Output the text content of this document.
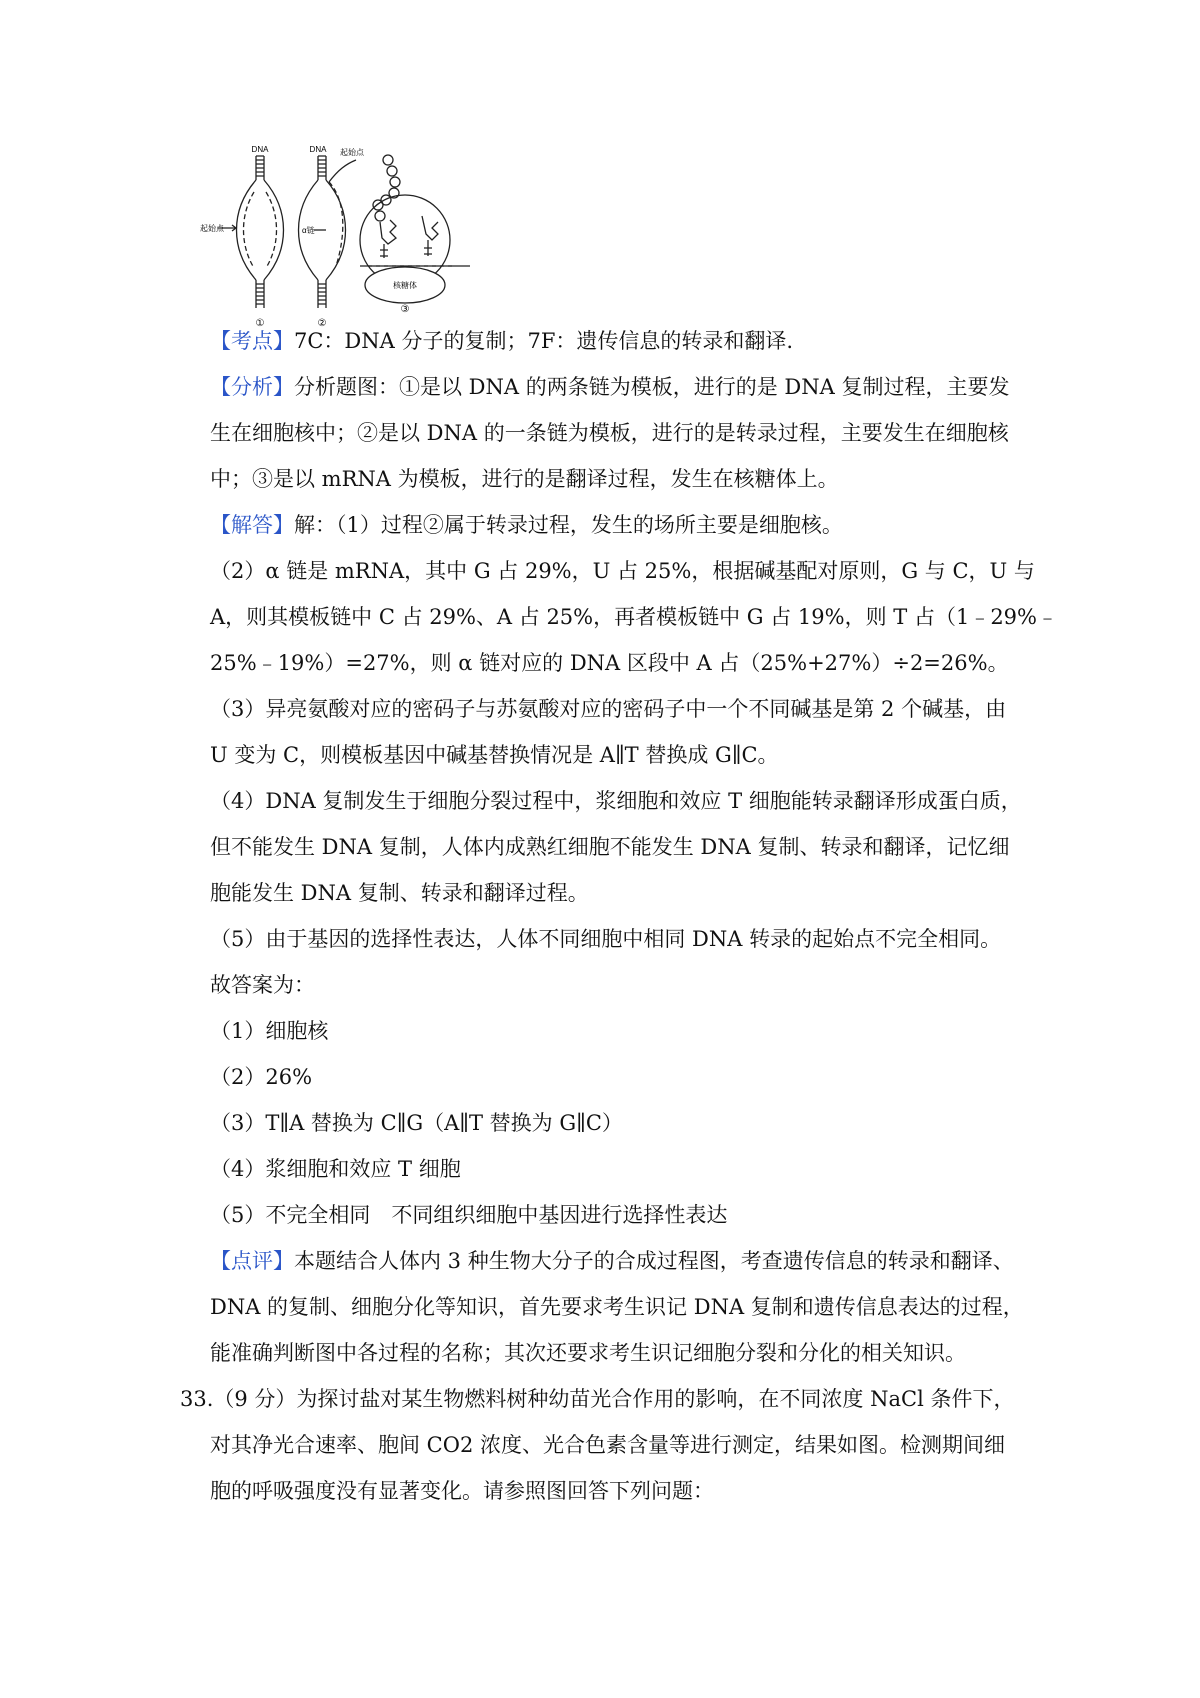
DNA	DNA 起始点
起始点	α链
核糖体
①	②
③
【考点】7C：DNA 分子的复制；7F：遗传信息的转录和翻译.
【分析】分析题图：①是以 DNA 的两条链为模板，进行的是 DNA 复制过程，主要发
生在细胞核中；②是以 DNA 的一条链为模板，进行的是转录过程，主要发生在细胞核
中；③是以 mRNA 为模板，进行的是翻译过程，发生在核糖体上。
【解答】解：（1）过程②属于转录过程，发生的场所主要是细胞核。
（2）α 链是 mRNA，其中 G 占 29%，U 占 25%，根据碱基配对原则，G 与 C，U 与
A，则其模板链中 C 占 29%、A 占 25%，再者模板链中 G 占 19%，则 T 占（1﹣29%﹣
25%﹣19%）=27%，则 α 链对应的 DNA 区段中 A 占（25%+27%）÷2=26%。
（3）异亮氨酸对应的密码子与苏氨酸对应的密码子中一个不同碱基是第 2 个碱基，由
U 变为 C，则模板基因中碱基替换情况是 A∥T 替换成 G∥C。
（4）DNA 复制发生于细胞分裂过程中，浆细胞和效应 T 细胞能转录翻译形成蛋白质，
但不能发生 DNA 复制，人体内成熟红细胞不能发生 DNA 复制、转录和翻译，记忆细
胞能发生 DNA 复制、转录和翻译过程。
（5）由于基因的选择性表达，人体不同细胞中相同 DNA 转录的起始点不完全相同。
故答案为：
（1）细胞核
（2）26%
（3）T∥A 替换为 C∥G（A∥T 替换为 G∥C）
（4）浆细胞和效应 T 细胞
（5）不完全相同　不同组织细胞中基因进行选择性表达
【点评】本题结合人体内 3 种生物大分子的合成过程图，考查遗传信息的转录和翻译、
DNA 的复制、细胞分化等知识，首先要求考生识记 DNA 复制和遗传信息表达的过程，
能准确判断图中各过程的名称；其次还要求考生识记细胞分裂和分化的相关知识。
33.（9 分）为探讨盐对某生物燃料树种幼苗光合作用的影响，在不同浓度 NaCl 条件下，
对其净光合速率、胞间 CO2 浓度、光合色素含量等进行测定，结果如图。检测期间细
胞的呼吸强度没有显著变化。请参照图回答下列问题：
